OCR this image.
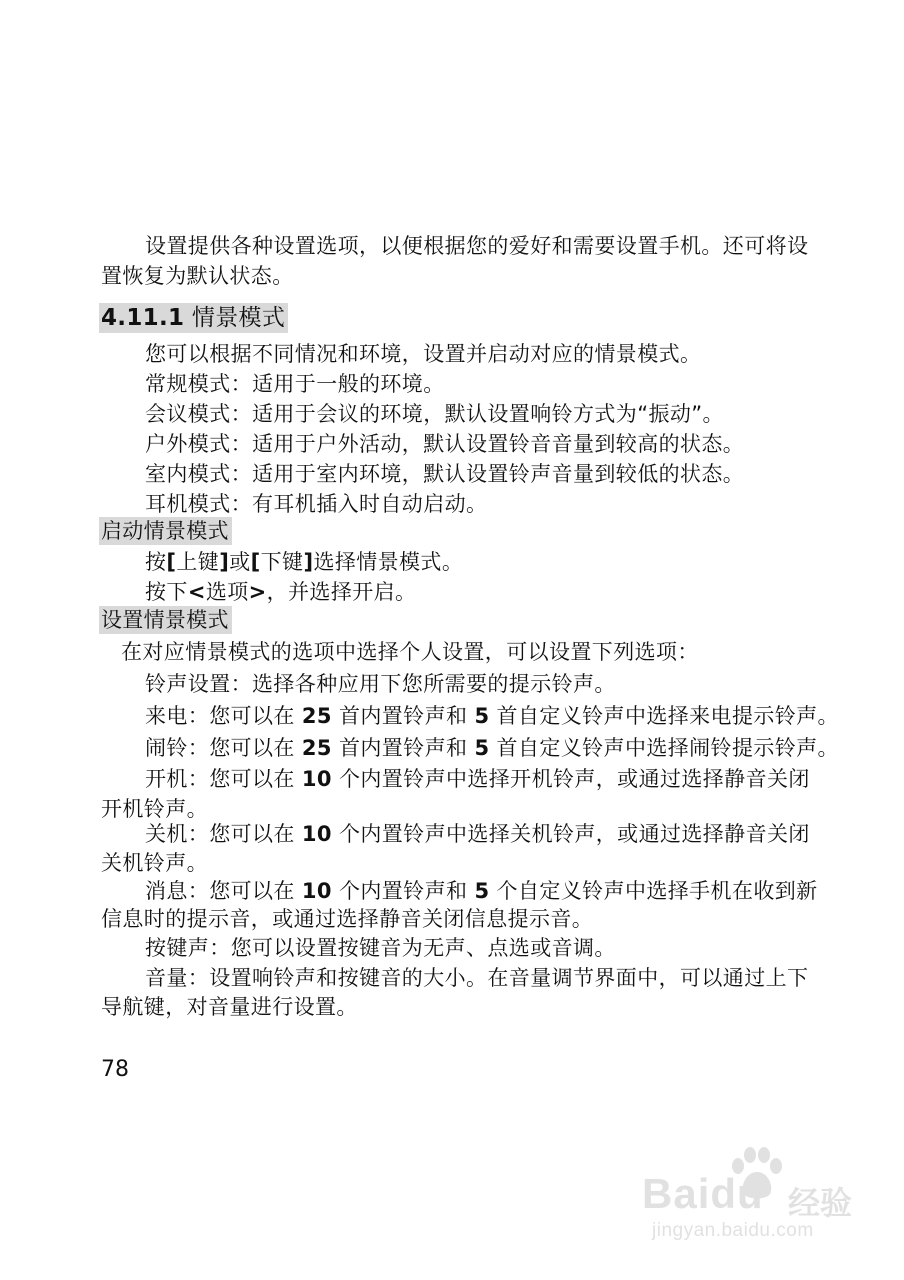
设置提供各种设置选项，以便根据您的爱好和需要设置手机。还可将设
置恢复为默认状态。
4.11.1 情景模式
您可以根据不同情况和环境，设置并启动对应的情景模式。
常规模式：适用于一般的环境。
会议模式：适用于会议的环境，默认设置响铃方式为“振动”。
户外模式：适用于户外活动，默认设置铃音音量到较高的状态。
室内模式：适用于室内环境，默认设置铃声音量到较低的状态。
耳机模式：有耳机插入时自动启动。
启动情景模式
按[上键]或[下键]选择情景模式。
按下<选项>，并选择开启。
设置情景模式
在对应情景模式的选项中选择个人设置，可以设置下列选项：
铃声设置：选择各种应用下您所需要的提示铃声。
来电：您可以在 25 首内置铃声和 5 首自定义铃声中选择来电提示铃声。
闹铃：您可以在 25 首内置铃声和 5 首自定义铃声中选择闹铃提示铃声。
开机：您可以在 10 个内置铃声中选择开机铃声，或通过选择静音关闭
开机铃声。
关机：您可以在 10 个内置铃声中选择关机铃声，或通过选择静音关闭
关机铃声。
消息：您可以在 10 个内置铃声和 5 个自定义铃声中选择手机在收到新
信息时的提示音，或通过选择静音关闭信息提示音。
按键声：您可以设置按键音为无声、点选或音调。
音量：设置响铃声和按键音的大小。在音量调节界面中，可以通过上下
导航键，对音量进行设置。
78
Baidu 经验
jingyan.baidu.com
